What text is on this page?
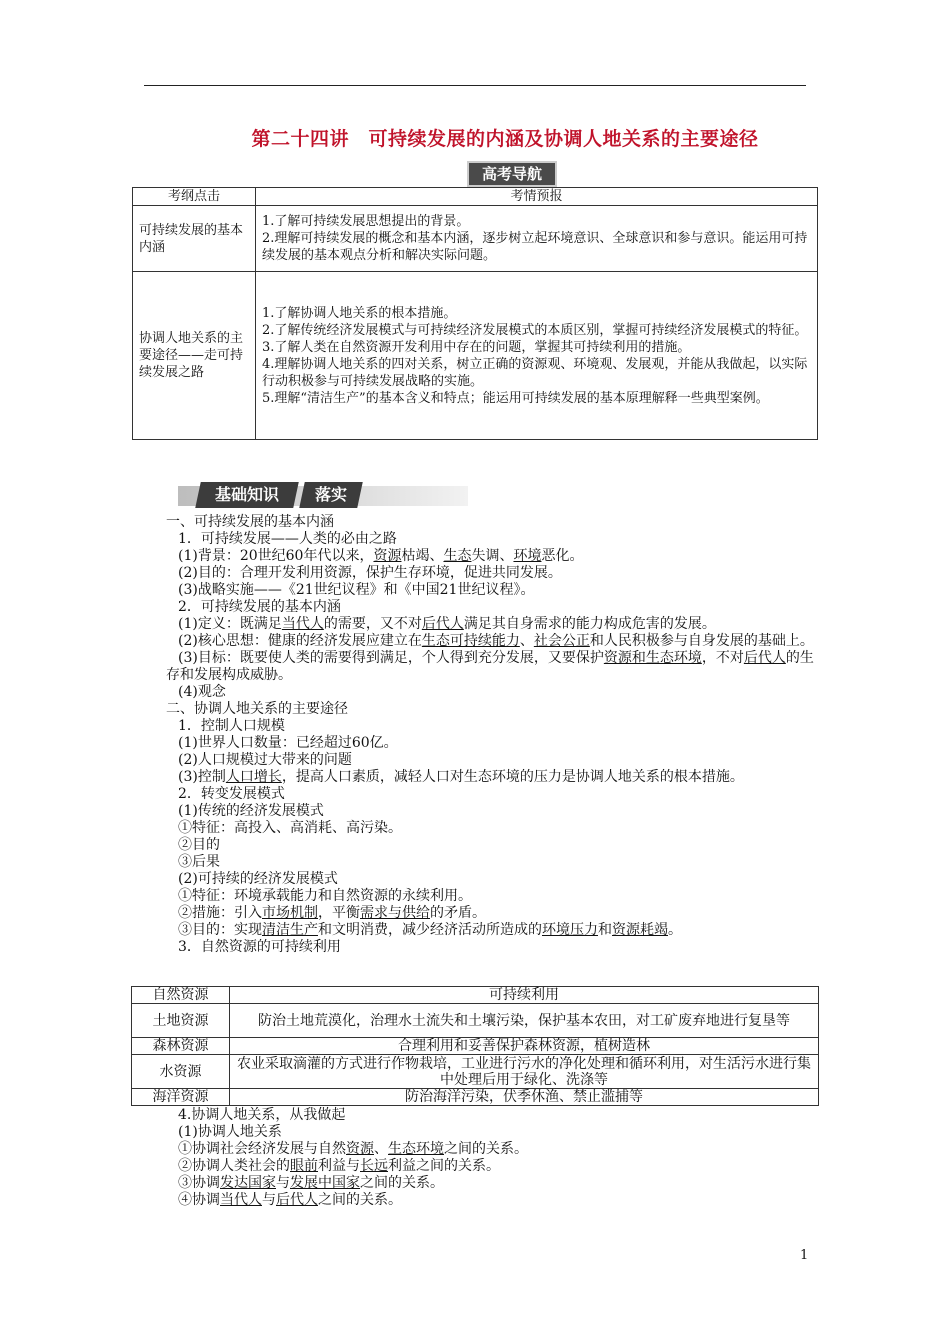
第二十四讲　可持续发展的内涵及协调人地关系的主要途径
高考导航
考纲点击	考情预报
可持续发展的基本内涵	1.了解可持续发展思想提出的背景。
2.理解可持续发展的概念和基本内涵，逐步树立起环境意识、全球意识和参与意识。能运用可持续发展的基本观点分析和解决实际问题。

协调人地关系的主要途径——走可持续发展之路	1.了解协调人地关系的根本措施。
2.了解传统经济发展模式与可持续经济发展模式的本质区别，掌握可持续经济发展模式的特征。
3.了解人类在自然资源开发利用中存在的问题，掌握其可持续利用的措施。
4.理解协调人地关系的四对关系，树立正确的资源观、环境观、发展观，并能从我做起，以实际行动积极参与可持续发展战略的实施。
5.理解“清洁生产”的基本含义和特点；能运用可持续发展的基本原理解释一些典型案例。
基础知识	落实
一、可持续发展的基本内涵
1．可持续发展——人类的必由之路
(1)背景：20世纪60年代以来，资源枯竭、生态失调、环境恶化。
(2)目的：合理开发利用资源，保护生存环境，促进共同发展。
(3)战略实施——《21世纪议程》和《中国21世纪议程》。
2．可持续发展的基本内涵
(1)定义：既满足当代人的需要，又不对后代人满足其自身需求的能力构成危害的发展。
(2)核心思想：健康的经济发展应建立在生态可持续能力、社会公正和人民积极参与自身发展的基础上。
(3)目标：既要使人类的需要得到满足，个人得到充分发展，又要保护资源和生态环境，不对后代人的生存和发展构成威胁。
(4)观念
二、协调人地关系的主要途径
1．控制人口规模
(1)世界人口数量：已经超过60亿。
(2)人口规模过大带来的问题
(3)控制人口增长，提高人口素质，减轻人口对生态环境的压力是协调人地关系的根本措施。
2．转变发展模式
(1)传统的经济发展模式
①特征：高投入、高消耗、高污染。
②目的
③后果
(2)可持续的经济发展模式
①特征：环境承载能力和自然资源的永续利用。
②措施：引入市场机制，平衡需求与供给的矛盾。
③目的：实现清洁生产和文明消费，减少经济活动所造成的环境压力和资源耗竭。
3．自然资源的可持续利用
自然资源	可持续利用
土地资源	防治土地荒漠化，治理水土流失和土壤污染，保护基本农田，对工矿废弃地进行复垦等
森林资源	合理利用和妥善保护森林资源，植树造林
水资源	农业采取滴灌的方式进行作物栽培，工业进行污水的净化处理和循环利用，对生活污水进行集中处理后用于绿化、洗涤等
海洋资源	防治海洋污染，伏季休渔、禁止滥捕等
4.协调人地关系，从我做起
(1)协调人地关系
①协调社会经济发展与自然资源、生态环境之间的关系。
②协调人类社会的眼前利益与长远利益之间的关系。
③协调发达国家与发展中国家之间的关系。
④协调当代人与后代人之间的关系。
1
